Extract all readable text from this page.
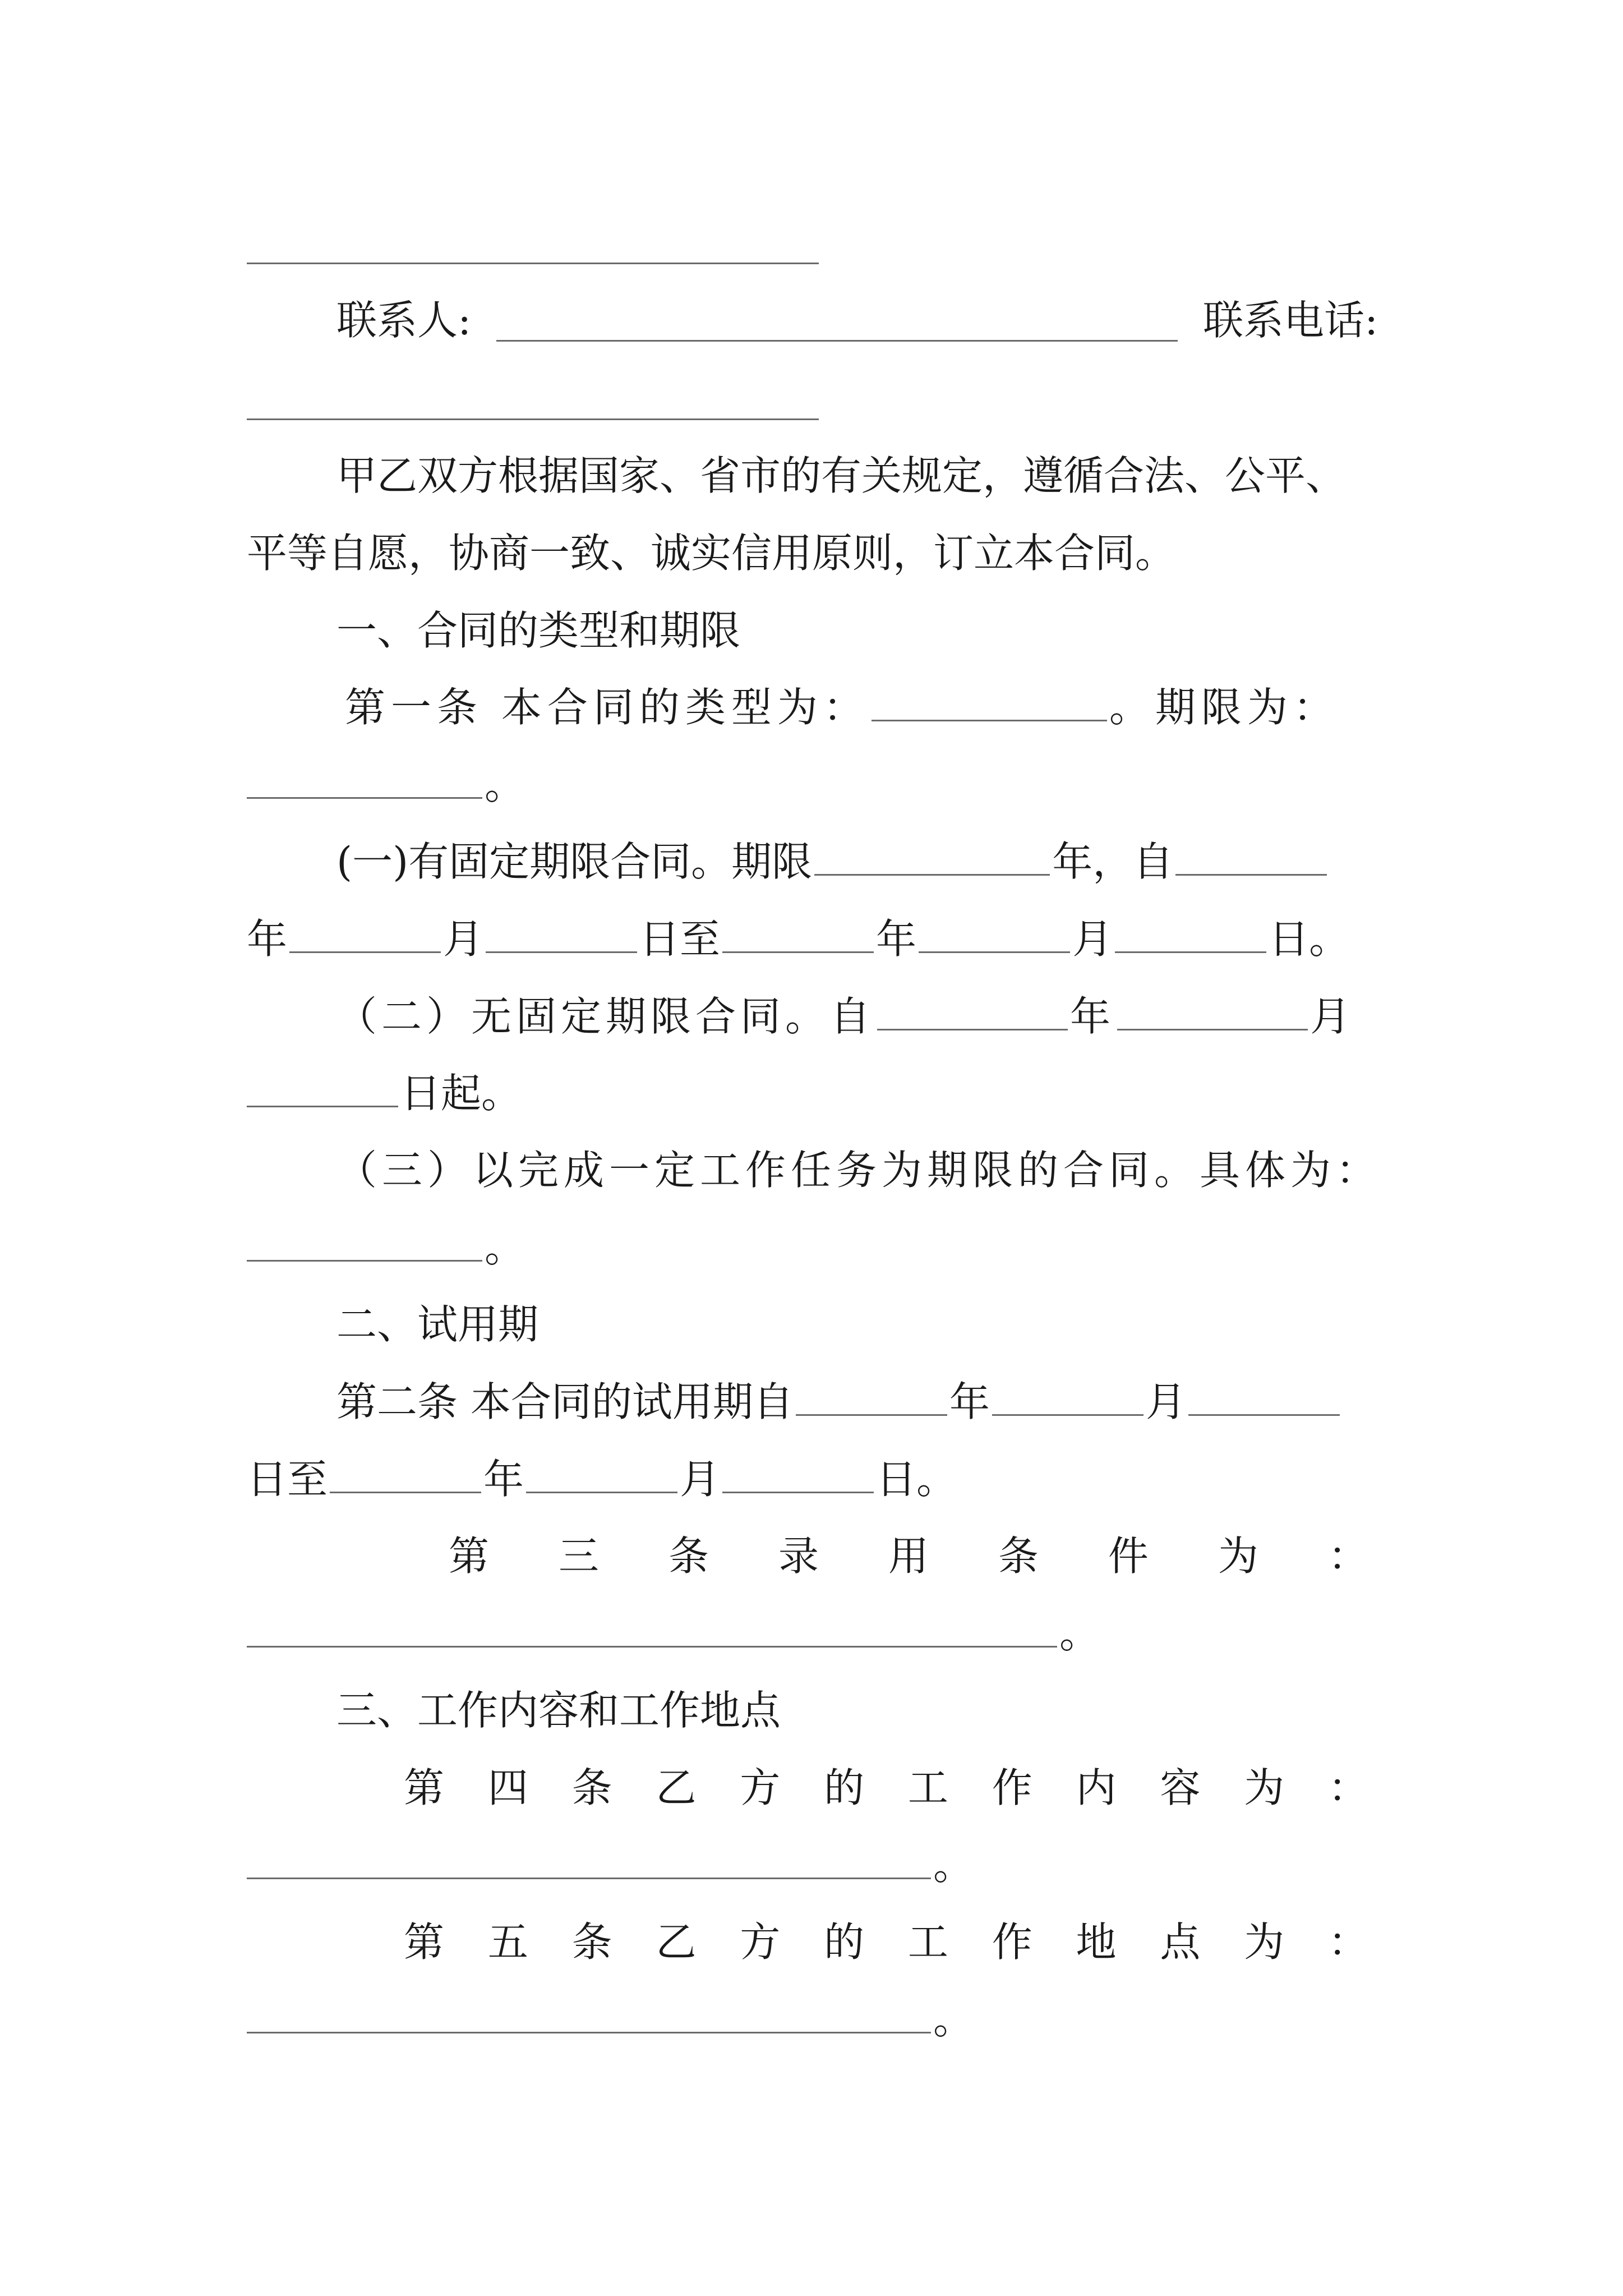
联系人:	联系电话:
甲乙双方根据国家、省市的有关规定，遵循合法、公平、
平等自愿，协商一致、诚实信用原则，订立本合同。
一、合同的类型和期限
第一条 本合同的类型为：	。期限为：
。
(一)有固定期限合同。期限	年，自
年	月	日至	年	月	日。
（二）无固定期限合同。自	年	月
日起。
（三）以完成一定工作任务为期限的合同。具体为：
。
二、试用期
第二条 本合同的试用期自	年	月
日至	年	月	日。
第 三 条 录 用 条 件 为 ：
。
三、工作内容和工作地点
第 四 条 乙 方 的 工 作 内 容 为 ：
。
第 五 条 乙 方 的 工 作 地 点 为 ：
。
